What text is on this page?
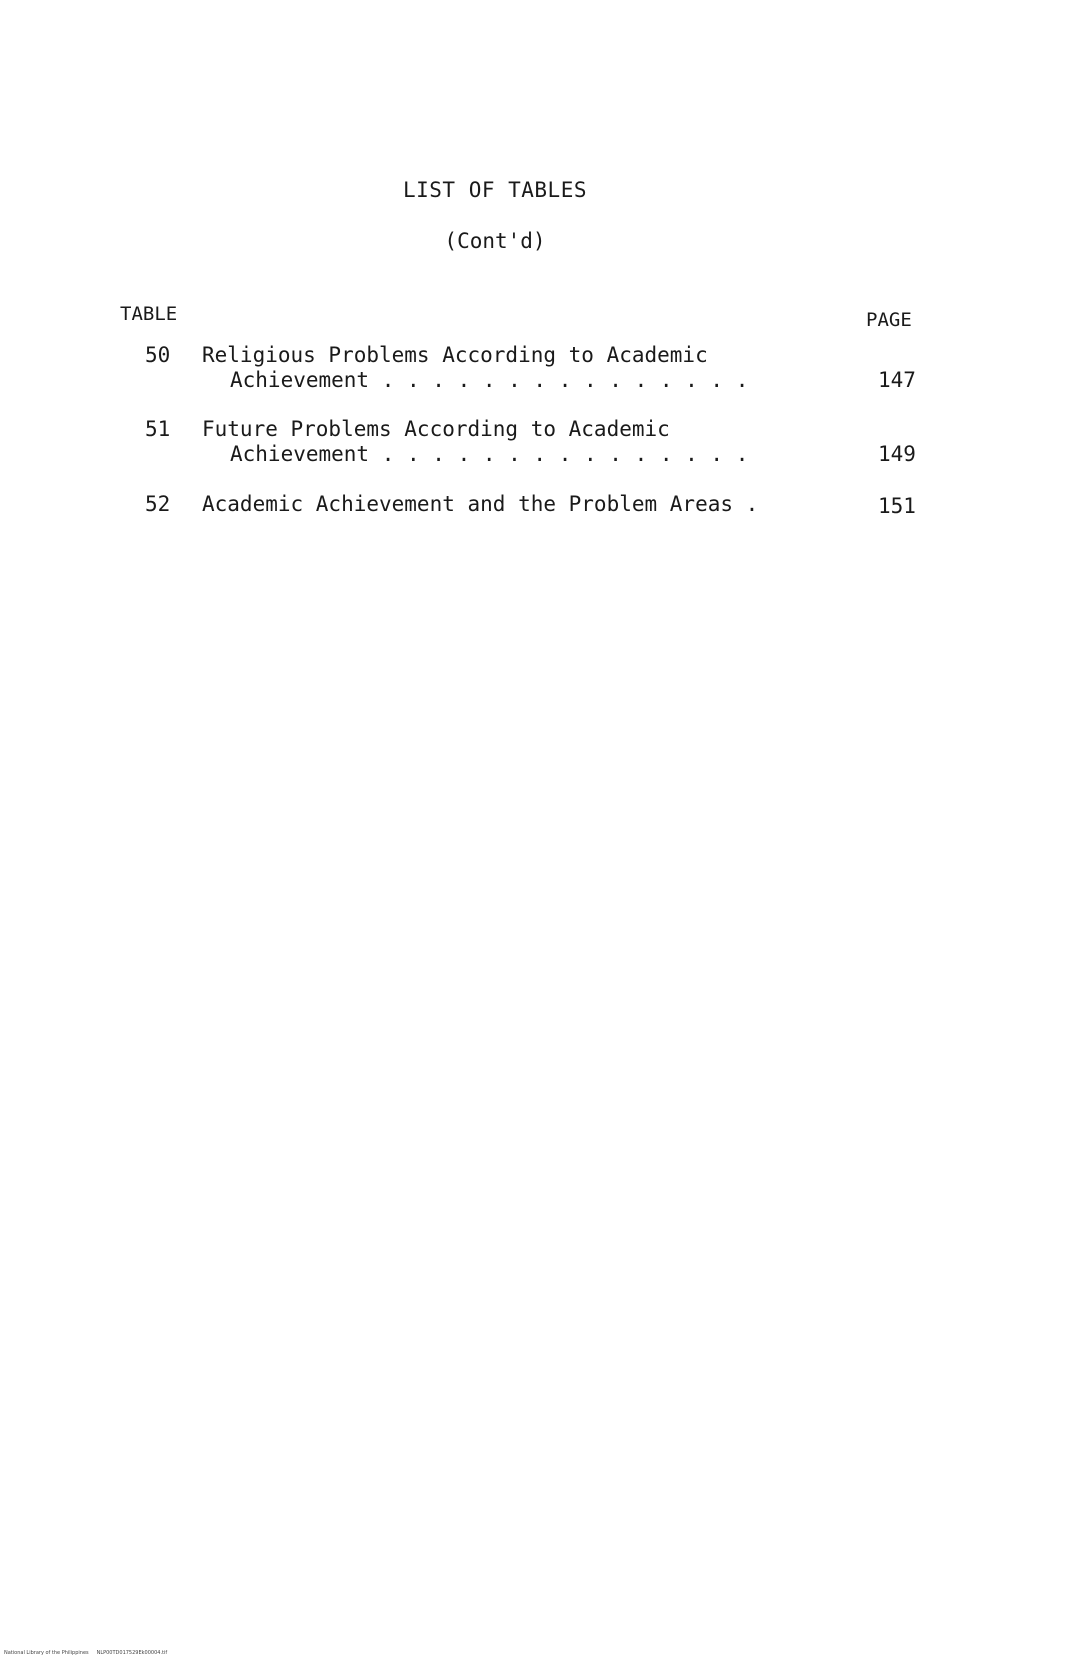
LIST OF TABLES
(Cont'd)
TABLE	PAGE
50 Religious Problems According to Academic
Achievement . . . . . . . . . . . . . . .	147
51 Future Problems According to Academic
Achievement . . . . . . . . . . . . . . .	149
52 Academic Achievement and the Problem Areas .	151
National Library of the Philippines     NLP00TD017529Ek00004.tif
